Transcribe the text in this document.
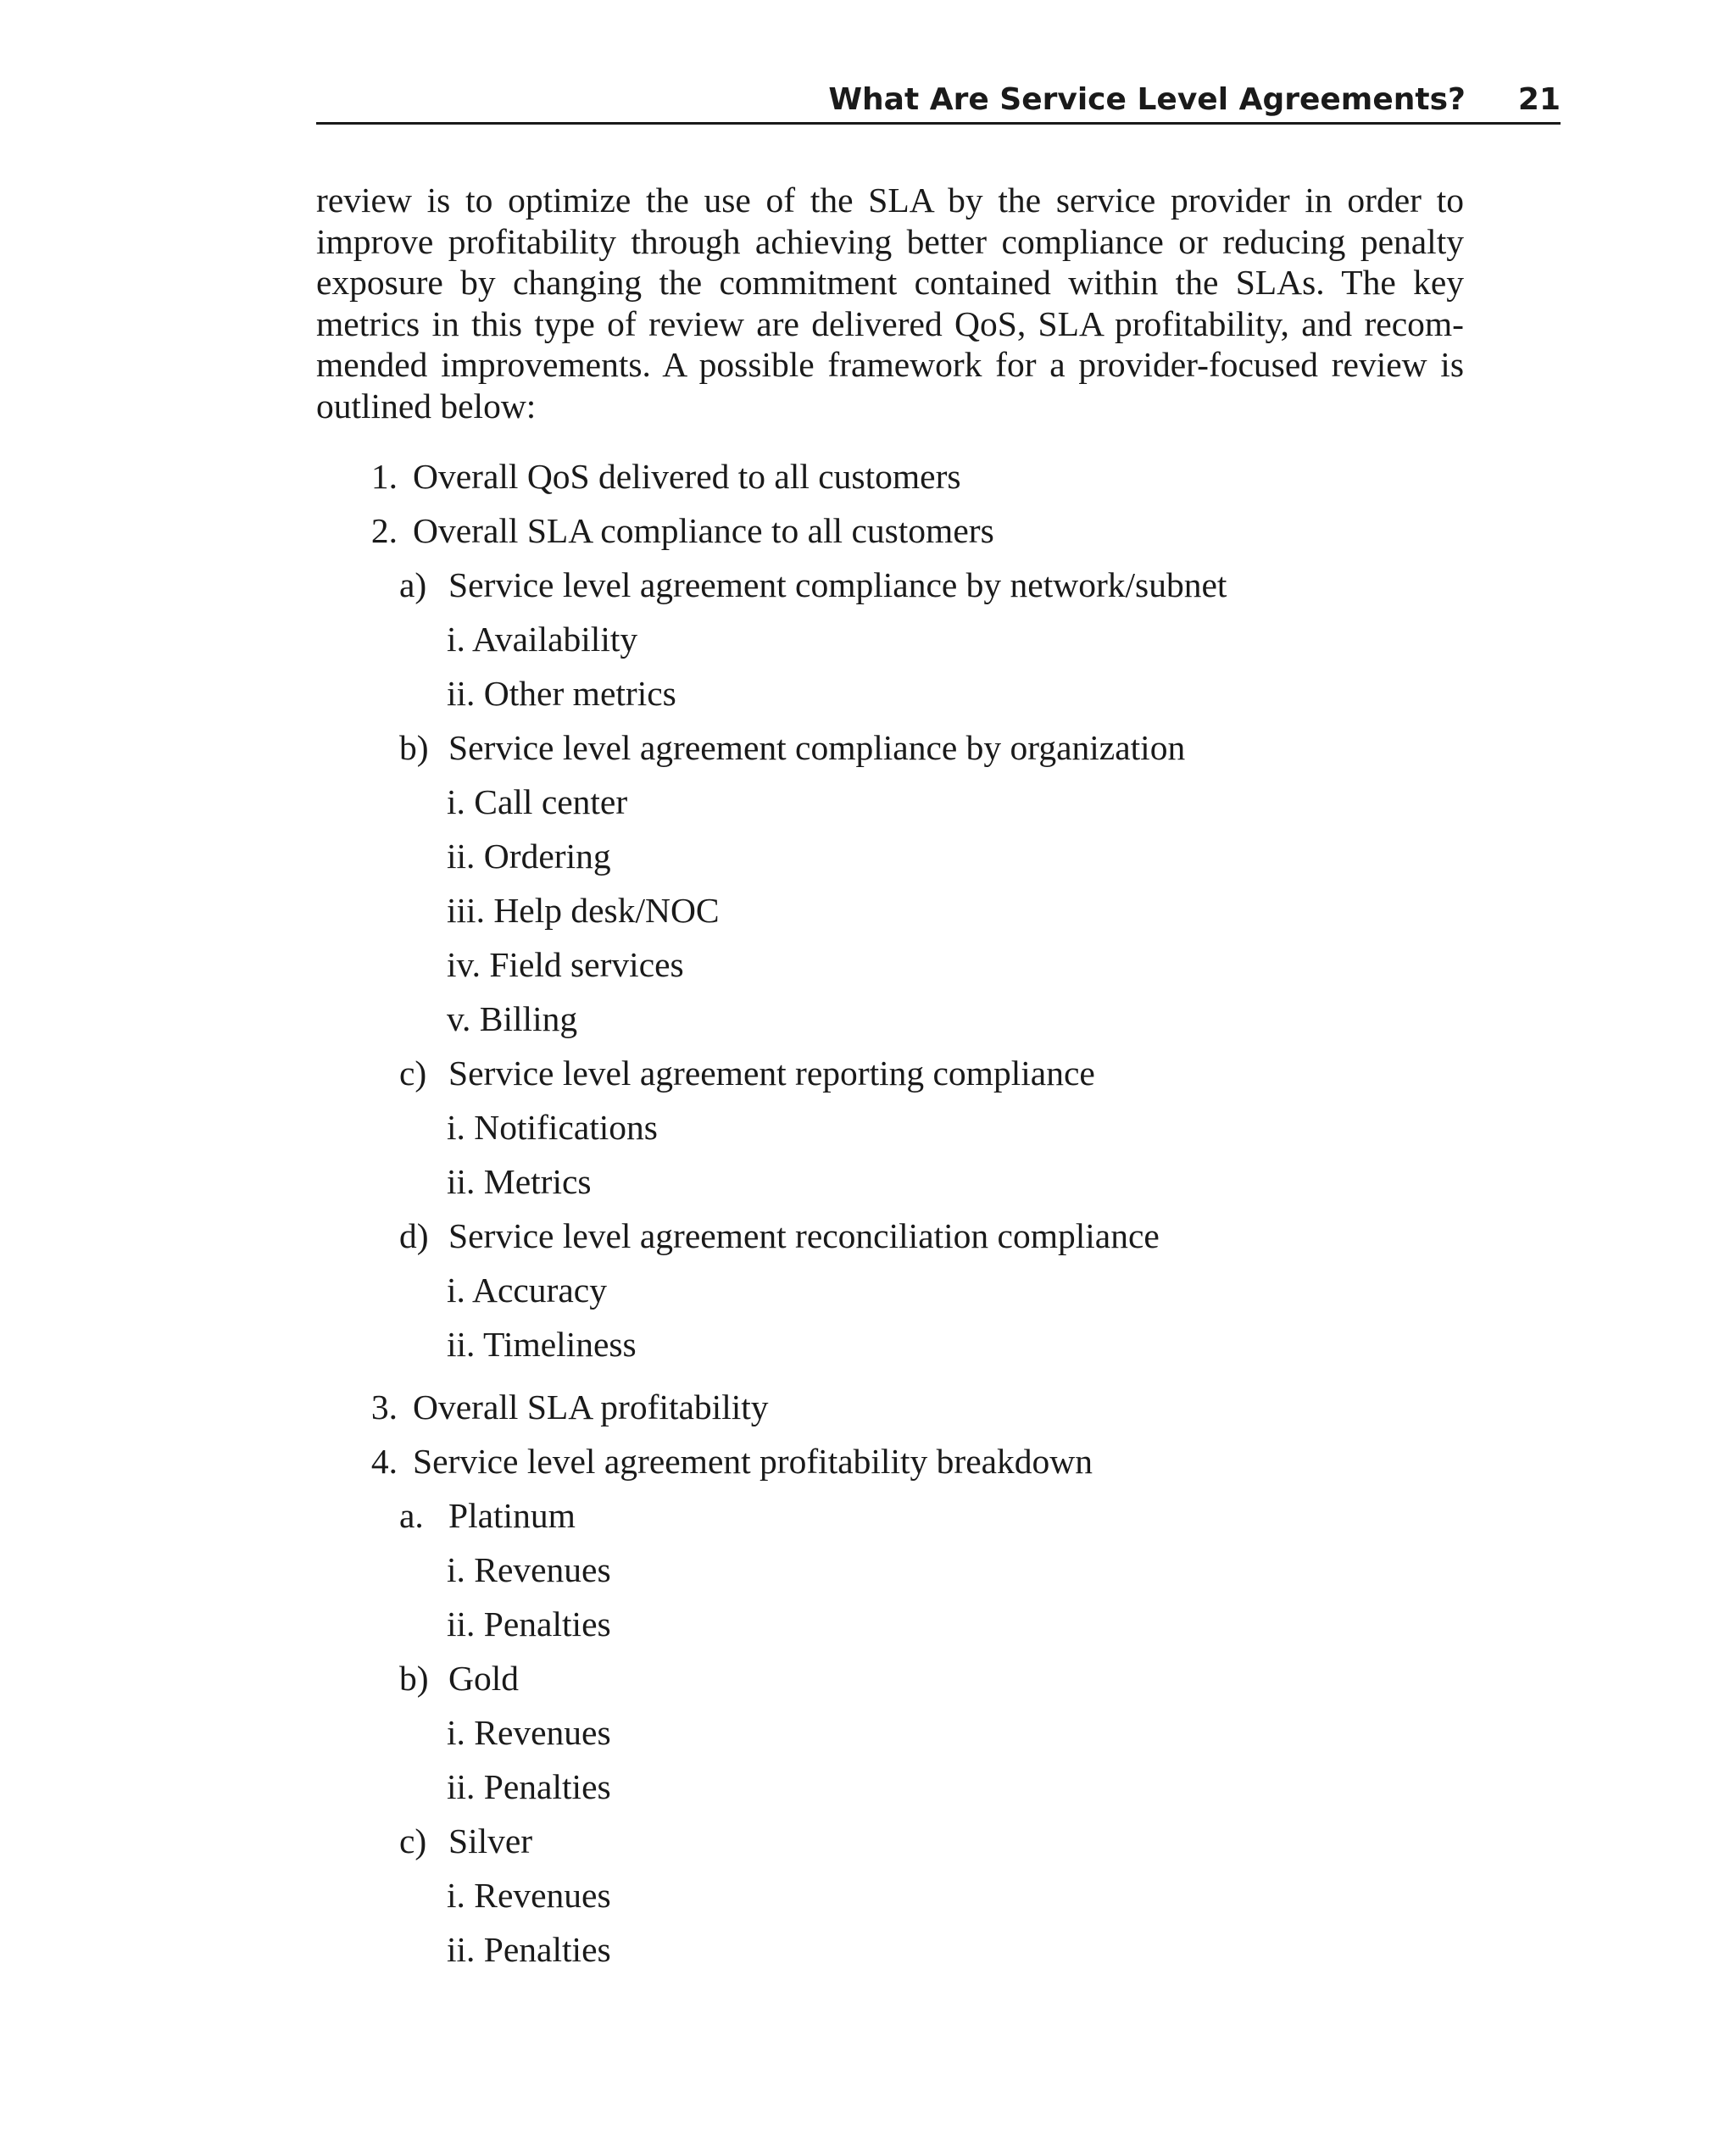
What Are Service Level Agreements? 21

review is to optimize the use of the SLA by the service provider in order to improve profitability through achieving better compliance or reducing penalty exposure by changing the commitment contained within the SLAs. The key metrics in this type of review are delivered QoS, SLA profitability, and recom- mended improvements. A possible framework for a provider-focused review is outlined below:

1. Overall QoS delivered to all customers
2. Overall SLA compliance to all customers
a) Service level agreement compliance by network/subnet
i. Availability
ii. Other metrics
b) Service level agreement compliance by organization
i. Call center
ii. Ordering
iii. Help desk/NOC
iv. Field services
v. Billing
c) Service level agreement reporting compliance
i. Notifications
ii. Metrics
d) Service level agreement reconciliation compliance
i. Accuracy
ii. Timeliness
3. Overall SLA profitability
4. Service level agreement profitability breakdown
a. Platinum
i. Revenues
ii. Penalties
b) Gold
i. Revenues
ii. Penalties
c) Silver
i. Revenues
ii. Penalties
